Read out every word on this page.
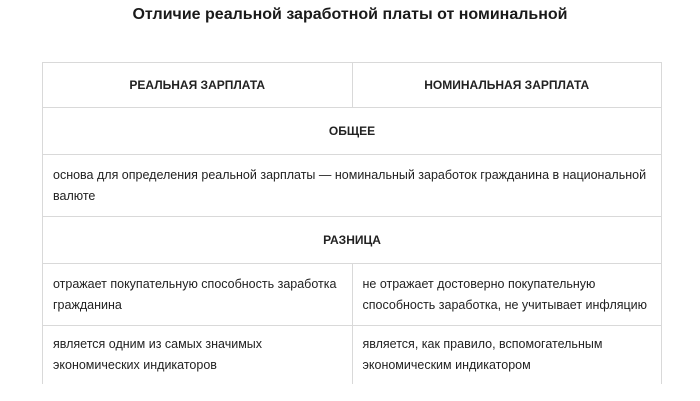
Отличие реальной заработной платы от номинальной
РЕАЛЬНАЯ ЗАРПЛАТА	НОМИНАЛЬНАЯ ЗАРПЛАТА
ОБЩЕЕ	
основа для определения реальной зарплаты — номинальный заработок гражданина в национальной валюте	
РАЗНИЦА	
отражает покупательную способность заработка гражданина	не отражает достоверно покупательную способность заработка, не учитывает инфляцию
является одним из самых значимых экономических индикаторов	является, как правило, вспомогательным экономическим индикатором
